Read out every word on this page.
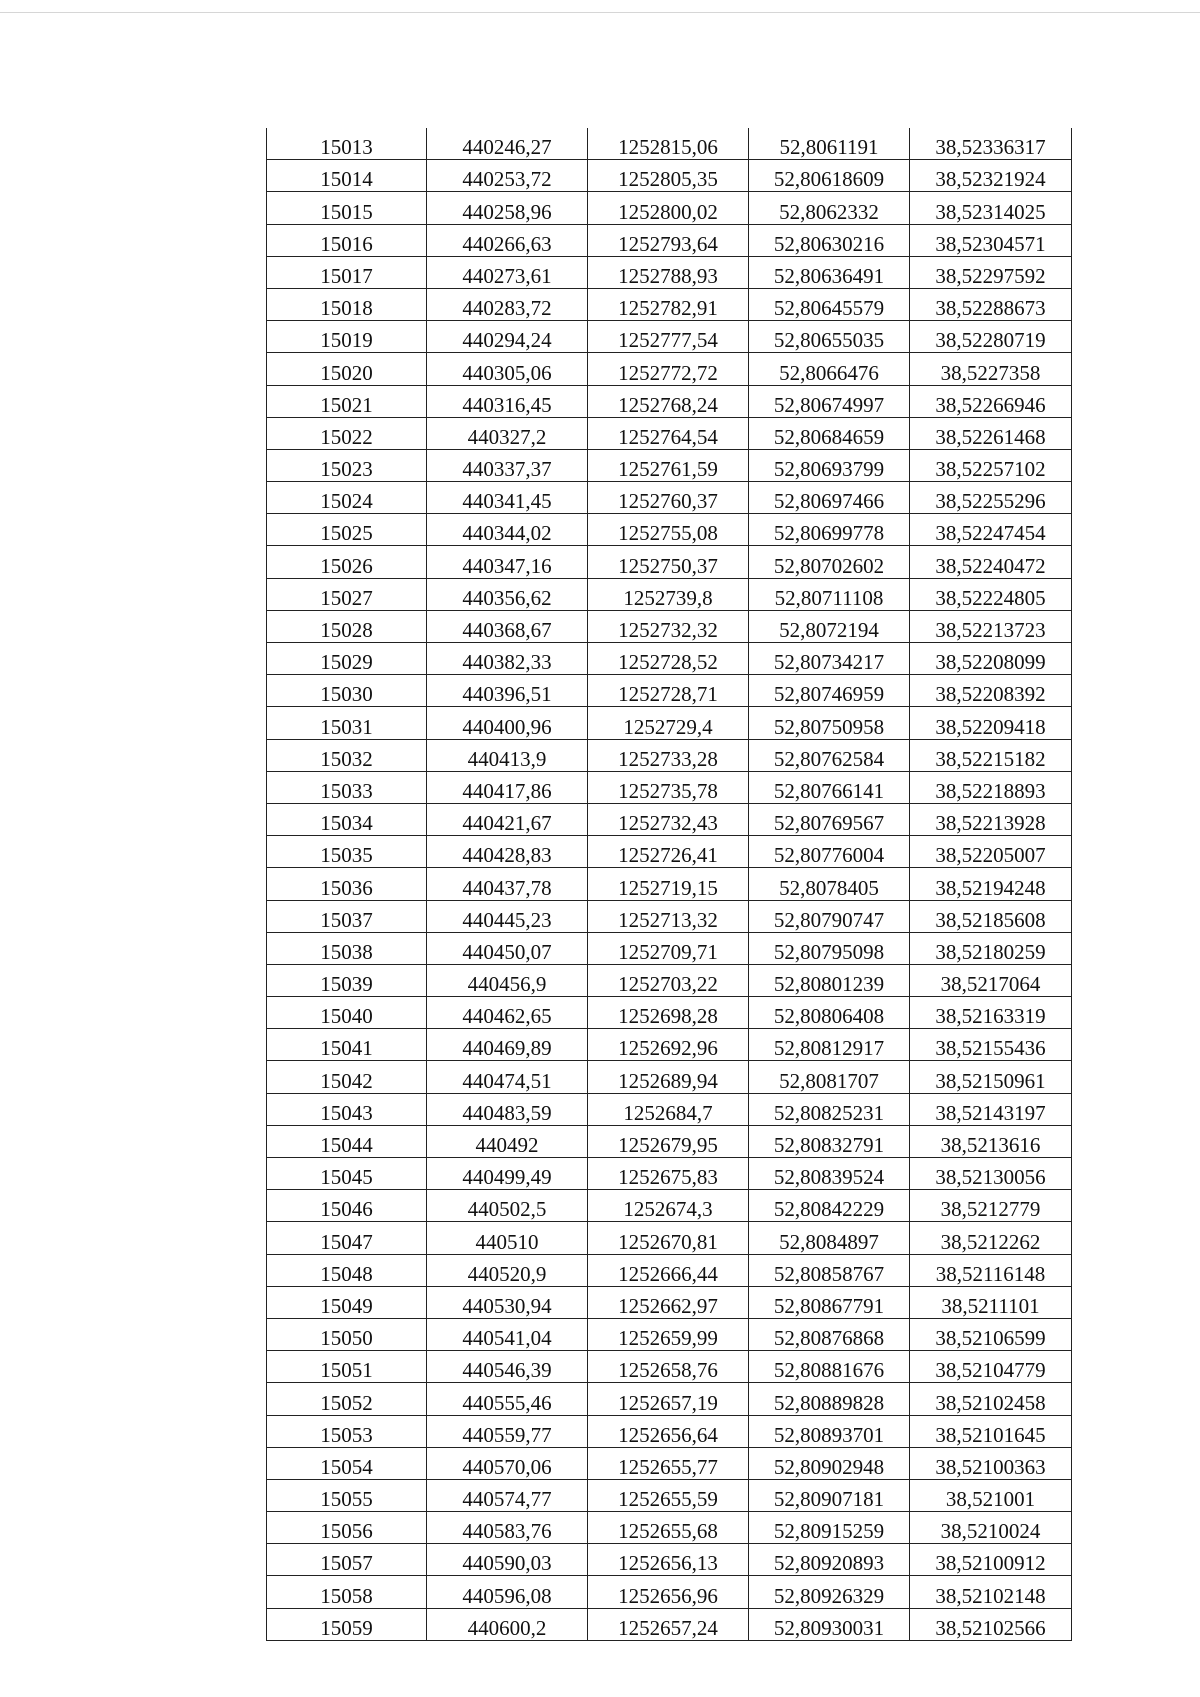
15013	440246,27	1252815,06	52,8061191	38,52336317
15014	440253,72	1252805,35	52,80618609	38,52321924
15015	440258,96	1252800,02	52,8062332	38,52314025
15016	440266,63	1252793,64	52,80630216	38,52304571
15017	440273,61	1252788,93	52,80636491	38,52297592
15018	440283,72	1252782,91	52,80645579	38,52288673
15019	440294,24	1252777,54	52,80655035	38,52280719
15020	440305,06	1252772,72	52,8066476	38,5227358
15021	440316,45	1252768,24	52,80674997	38,52266946
15022	440327,2	1252764,54	52,80684659	38,52261468
15023	440337,37	1252761,59	52,80693799	38,52257102
15024	440341,45	1252760,37	52,80697466	38,52255296
15025	440344,02	1252755,08	52,80699778	38,52247454
15026	440347,16	1252750,37	52,80702602	38,52240472
15027	440356,62	1252739,8	52,80711108	38,52224805
15028	440368,67	1252732,32	52,8072194	38,52213723
15029	440382,33	1252728,52	52,80734217	38,52208099
15030	440396,51	1252728,71	52,80746959	38,52208392
15031	440400,96	1252729,4	52,80750958	38,52209418
15032	440413,9	1252733,28	52,80762584	38,52215182
15033	440417,86	1252735,78	52,80766141	38,52218893
15034	440421,67	1252732,43	52,80769567	38,52213928
15035	440428,83	1252726,41	52,80776004	38,52205007
15036	440437,78	1252719,15	52,8078405	38,52194248
15037	440445,23	1252713,32	52,80790747	38,52185608
15038	440450,07	1252709,71	52,80795098	38,52180259
15039	440456,9	1252703,22	52,80801239	38,5217064
15040	440462,65	1252698,28	52,80806408	38,52163319
15041	440469,89	1252692,96	52,80812917	38,52155436
15042	440474,51	1252689,94	52,8081707	38,52150961
15043	440483,59	1252684,7	52,80825231	38,52143197
15044	440492	1252679,95	52,80832791	38,5213616
15045	440499,49	1252675,83	52,80839524	38,52130056
15046	440502,5	1252674,3	52,80842229	38,5212779
15047	440510	1252670,81	52,8084897	38,5212262
15048	440520,9	1252666,44	52,80858767	38,52116148
15049	440530,94	1252662,97	52,80867791	38,5211101
15050	440541,04	1252659,99	52,80876868	38,52106599
15051	440546,39	1252658,76	52,80881676	38,52104779
15052	440555,46	1252657,19	52,80889828	38,52102458
15053	440559,77	1252656,64	52,80893701	38,52101645
15054	440570,06	1252655,77	52,80902948	38,52100363
15055	440574,77	1252655,59	52,80907181	38,521001
15056	440583,76	1252655,68	52,80915259	38,5210024
15057	440590,03	1252656,13	52,80920893	38,52100912
15058	440596,08	1252656,96	52,80926329	38,52102148
15059	440600,2	1252657,24	52,80930031	38,52102566
